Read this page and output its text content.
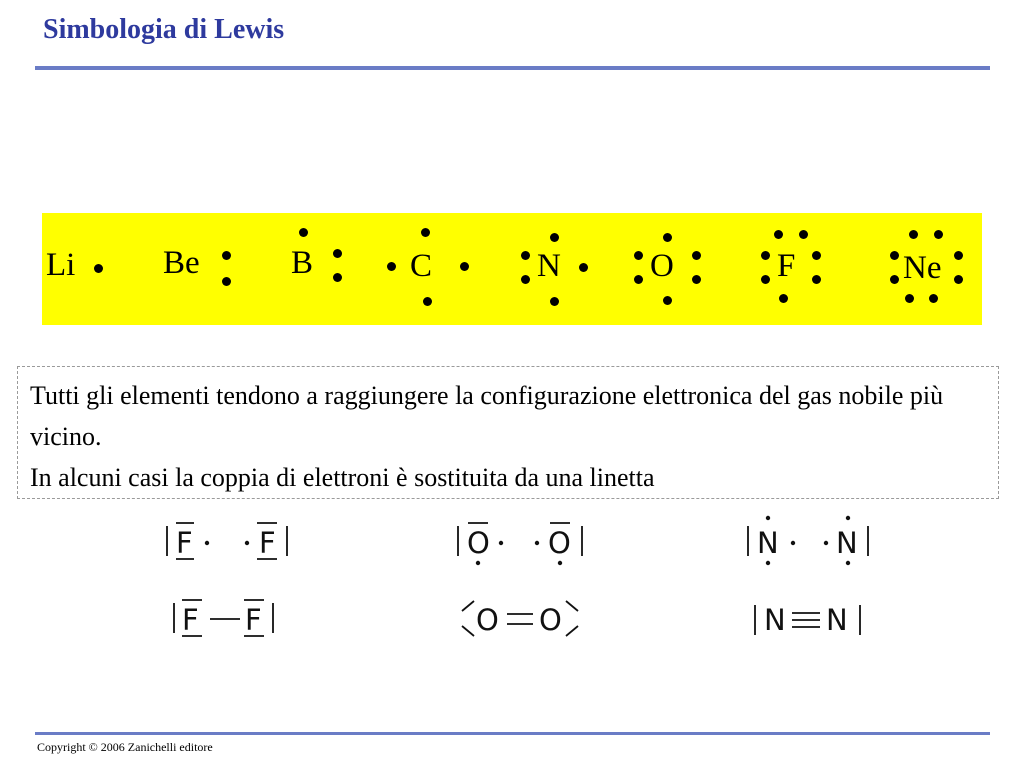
Simbologia di Lewis
Li	Be	B	C	N	O	F	Ne

Tutti gli elementi tendono a raggiungere la configurazione elettronica del gas nobile più vicino.
In alcuni casi la coppia di elettroni è sostituita da una linetta

F F
F F
O O
O O
N N
N N
Copyright © 2006 Zanichelli editore
